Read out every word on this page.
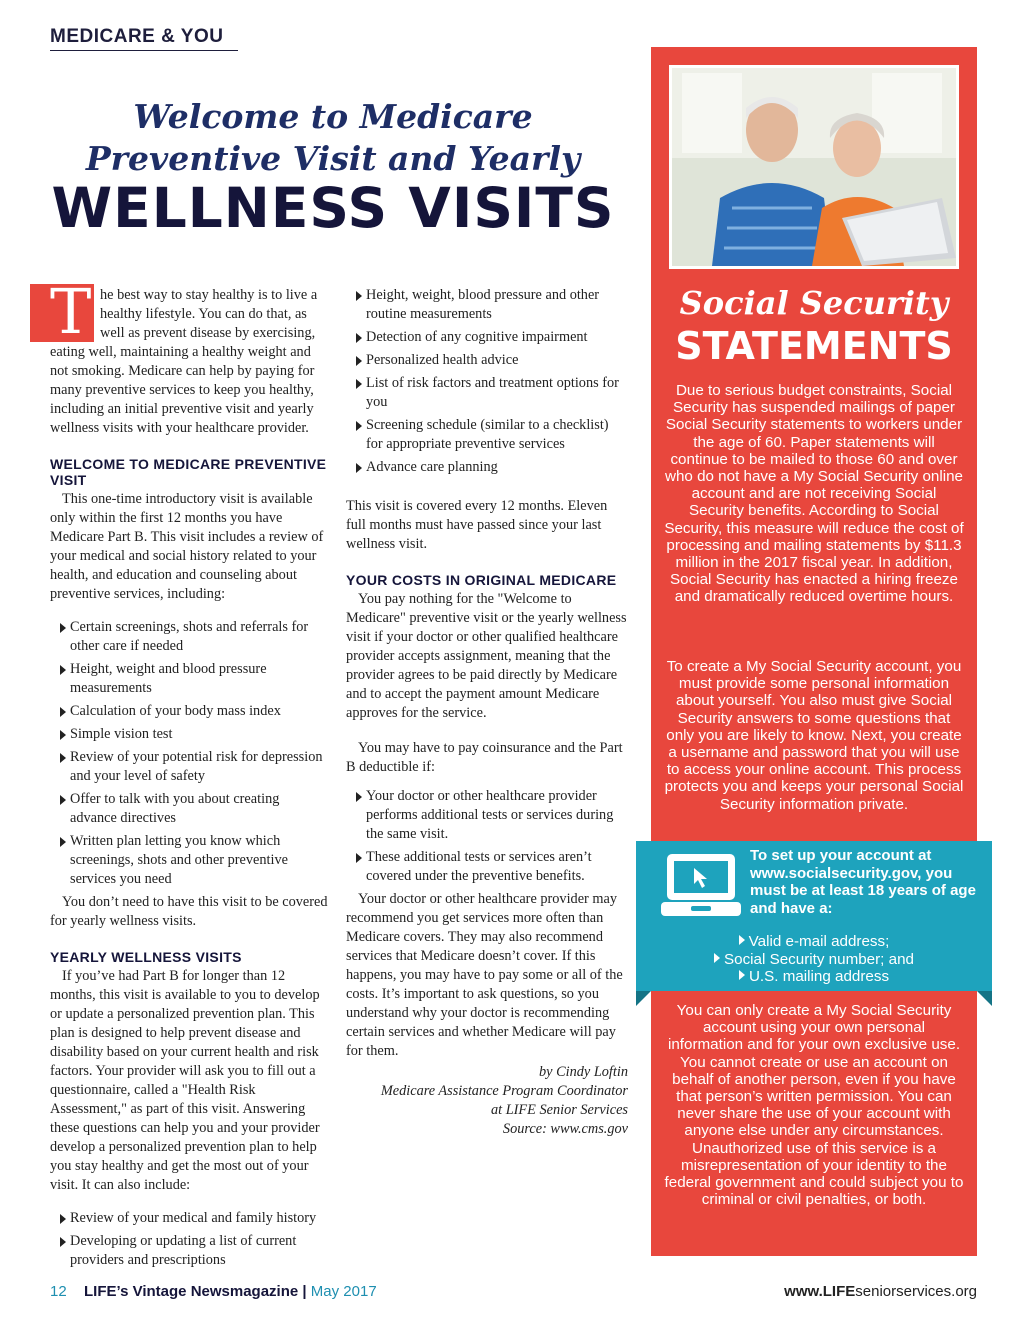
MEDICARE & YOU
Welcome to Medicare
Preventive Visit and Yearly
WELLNESS VISITS
T he best way to stay healthy is to live a healthy lifestyle. You can do that, as well as prevent disease by exercising, eating well, maintaining a healthy weight and not smoking. Medicare can help by paying for many preventive services to keep you healthy, including an initial preventive visit and yearly wellness visits with your healthcare provider.

WELCOME TO MEDICARE PREVENTIVE VISIT

This one-time introductory visit is available only within the first 12 months you have Medicare Part B. This visit includes a review of your medical and social history related to your health, and education and counseling about preventive services, including:

Certain screenings, shots and referrals for other care if needed
Height, weight and blood pressure measurements
Calculation of your body mass index
Simple vision test
Review of your potential risk for depression and your level of safety
Offer to talk with you about creating advance directives
Written plan letting you know which screenings, shots and other preventive services you need

You don’t need to have this visit to be covered for yearly wellness visits.

YEARLY WELLNESS VISITS

If you’ve had Part B for longer than 12 months, this visit is available to you to develop or update a personalized prevention plan. This plan is designed to help prevent disease and disability based on your current health and risk factors. Your provider will ask you to fill out a questionnaire, called a "Health Risk Assessment," as part of this visit. Answering these questions can help you and your provider develop a personalized prevention plan to help you stay healthy and get the most out of your visit. It can also include:

Review of your medical and family history
Developing or updating a list of current providers and prescriptions
Height, weight, blood pressure and other routine measurements
Detection of any cognitive impairment
Personalized health advice
List of risk factors and treatment options for you
Screening schedule (similar to a checklist) for appropriate preventive services
Advance care planning

This visit is covered every 12 months. Eleven full months must have passed since your last wellness visit.

YOUR COSTS IN ORIGINAL MEDICARE

You pay nothing for the "Welcome to Medicare" preventive visit or the yearly wellness visit if your doctor or other qualified healthcare provider accepts assignment, meaning that the provider agrees to be paid directly by Medicare and to accept the payment amount Medicare approves for the service.

You may have to pay coinsurance and the Part B deductible if:

Your doctor or other healthcare provider performs additional tests or services during the same visit.
These additional tests or services aren’t covered under the preventive benefits.

Your doctor or other healthcare provider may recommend you get services more often than Medicare covers. They may also recommend services that Medicare doesn’t cover. If this happens, you may have to pay some or all of the costs. It’s important to ask questions, so you understand why your doctor is recommending certain services and whether Medicare will pay for them.

by Cindy Loftin
Medicare Assistance Program Coordinator
at LIFE Senior Services
Source: www.cms.gov
Social Security
STATEMENTS
Due to serious budget constraints, Social Security has suspended mailings of paper Social Security statements to workers under the age of 60. Paper statements will continue to be mailed to those 60 and over who do not have a My Social Security online account and are not receiving Social Security benefits. According to Social Security, this measure will reduce the cost of processing and mailing statements by $11.3 million in the 2017 fiscal year. In addition, Social Security has enacted a hiring freeze and dramatically reduced overtime hours.
To create a My Social Security account, you must provide some personal information about yourself. You also must give Social Security answers to some questions that only you are likely to know. Next, you create a username and password that you will use to access your online account. This process protects you and keeps your personal Social Security information private.
To set up your account at www.socialsecurity.gov, you must be at least 18 years of age and have a:
Valid e-mail address;
Social Security number; and
U.S. mailing address
You can only create a My Social Security account using your own personal information and for your own exclusive use. You cannot create or use an account on behalf of another person, even if you have that person’s written permission. You can never share the use of your account with anyone else under any circumstances. Unauthorized use of this service is a misrepresentation of your identity to the federal government and could subject you to criminal or civil penalties, or both.
12 LIFE’s Vintage Newsmagazine | May 2017	www.LIFEseniorservices.org
